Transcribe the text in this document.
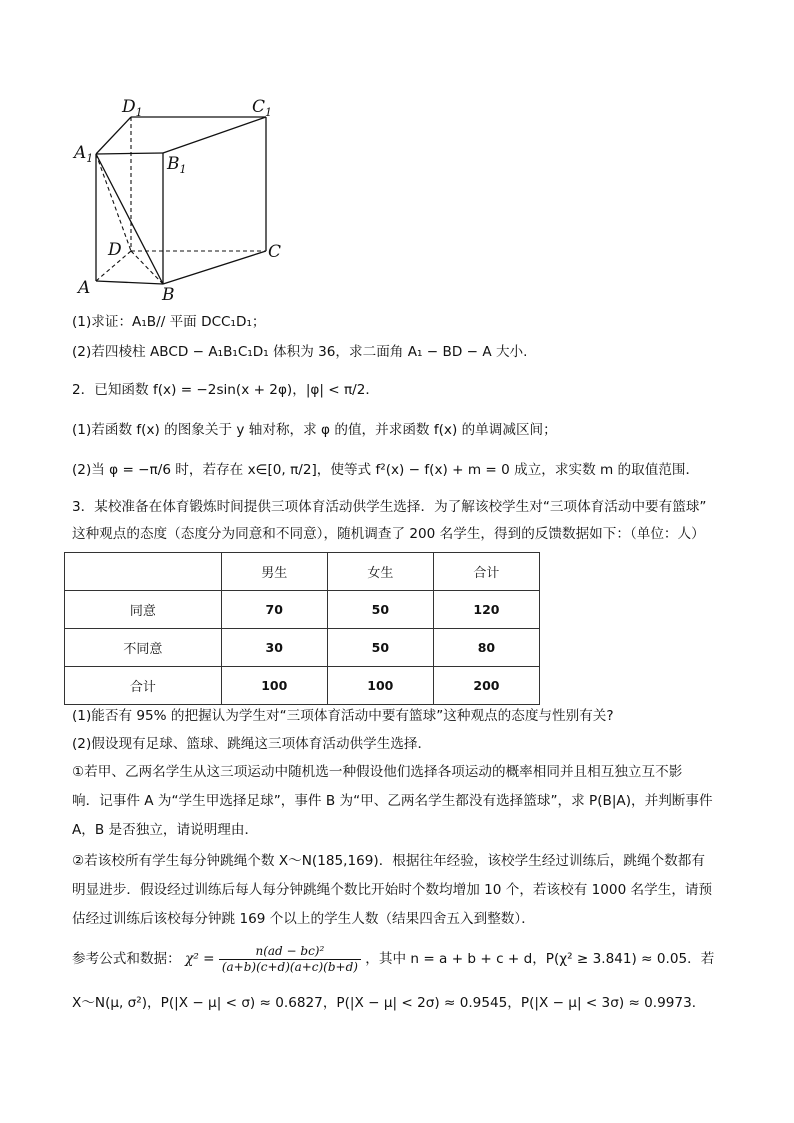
$D_1$	$C_1$
$A_1$	$B_1$
D	C
A	B
(1)求证：A₁B// 平面 DCC₁D₁；
(2)若四棱柱 ABCD − A₁B₁C₁D₁ 体积为 36，求二面角 A₁ − BD − A 大小.
2．已知函数 f(x) = −2sin(x + 2φ)，|φ| < π/2．
(1)若函数 f(x) 的图象关于 y 轴对称，求 φ 的值，并求函数 f(x) 的单调减区间；
(2)当 φ = −π/6 时，若存在 x∈[0, π/2]，使等式 f²(x) − f(x) + m = 0 成立，求实数 m 的取值范围．
3．某校准备在体育锻炼时间提供三项体育活动供学生选择．为了解该校学生对“三项体育活动中要有篮球”
这种观点的态度（态度分为同意和不同意），随机调查了 200 名学生，得到的反馈数据如下：（单位：人）
	男生	女生	合计
同意	70	50	120
不同意	30	50	80
合计	100	100	200
(1)能否有 95% 的把握认为学生对“三项体育活动中要有篮球”这种观点的态度与性别有关?
(2)假设现有足球、篮球、跳绳这三项体育活动供学生选择．
①若甲、乙两名学生从这三项运动中随机选一种假设他们选择各项运动的概率相同并且相互独立互不影
响．记事件 A 为“学生甲选择足球”，事件 B 为“甲、乙两名学生都没有选择篮球”，求 P(B|A)，并判断事件
A，B 是否独立，请说明理由．
②若该校所有学生每分钟跳绳个数 X～N(185,169)．根据往年经验，该校学生经过训练后，跳绳个数都有
明显进步．假设经过训练后每人每分钟跳绳个数比开始时个数均增加 10 个，若该校有 1000 名学生，请预
估经过训练后该校每分钟跳 169 个以上的学生人数（结果四舍五入到整数）．
参考公式和数据： $\chi^2 = \frac{\text{n(ad − bc)²}}{(a+b)(c+d)(a+c)(b+d)}$ ，其中 n = a + b + c + d，P(χ² ≥ 3.841) ≈ 0.05．若
X～N(μ, σ²)，P(|X − μ| < σ) ≈ 0.6827，P(|X − μ| < 2σ) ≈ 0.9545，P(|X − μ| < 3σ) ≈ 0.9973．
